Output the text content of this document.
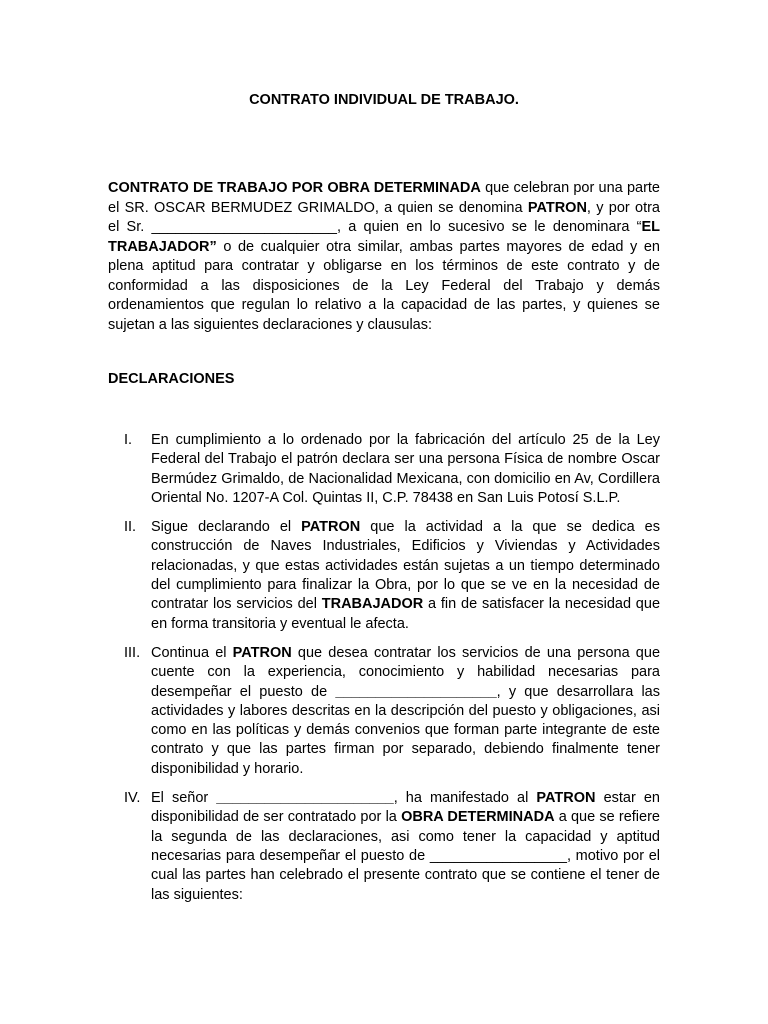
CONTRATO INDIVIDUAL DE TRABAJO.

CONTRATO DE TRABAJO POR OBRA DETERMINADA que celebran por una parte el SR. OSCAR BERMUDEZ GRIMALDO, a quien se denomina PATRON, y por otra el Sr. _______________________, a quien en lo sucesivo se le denominara “EL TRABAJADOR” o de cualquier otra similar, ambas partes mayores de edad y en plena aptitud para contratar y obligarse en los términos de este contrato y de conformidad a las disposiciones de la Ley Federal del Trabajo y demás ordenamientos que regulan lo relativo a la capacidad de las partes, y quienes se sujetan a las siguientes declaraciones y clausulas:

DECLARACIONES

I.	En cumplimiento a lo ordenado por la fabricación del artículo 25 de la Ley Federal del Trabajo el patrón declara ser una persona Física de nombre Oscar Bermúdez Grimaldo, de Nacionalidad Mexicana, con domicilio en Av, Cordillera Oriental No. 1207-A Col. Quintas II, C.P. 78438 en San Luis Potosí S.L.P.
II.	Sigue declarando el PATRON que la actividad a la que se dedica es construcción de Naves Industriales, Edificios y Viviendas y Actividades relacionadas, y que estas actividades están sujetas a un tiempo determinado del cumplimiento para finalizar la Obra, por lo que se ve en la necesidad de contratar los servicios del TRABAJADOR a fin de satisfacer la necesidad que en forma transitoria y eventual le afecta.
III. Continua el PATRON que desea contratar los servicios de una persona que cuente con la experiencia, conocimiento y habilidad necesarias para desempeñar el puesto de ____________________, y que desarrollara las actividades y labores descritas en la descripción del puesto y obligaciones, asi como en las políticas y demás convenios que forman parte integrante de este contrato y que las partes firman por separado, debiendo finalmente tener disponibilidad y horario.
IV. El señor ______________________, ha manifestado al PATRON estar en disponibilidad de ser contratado por la OBRA DETERMINADA a que se refiere la segunda de las declaraciones, asi como tener la capacidad y aptitud necesarias para desempeñar el puesto de _________________, motivo por el cual las partes han celebrado el presente contrato que se contiene el tener de las siguientes:
